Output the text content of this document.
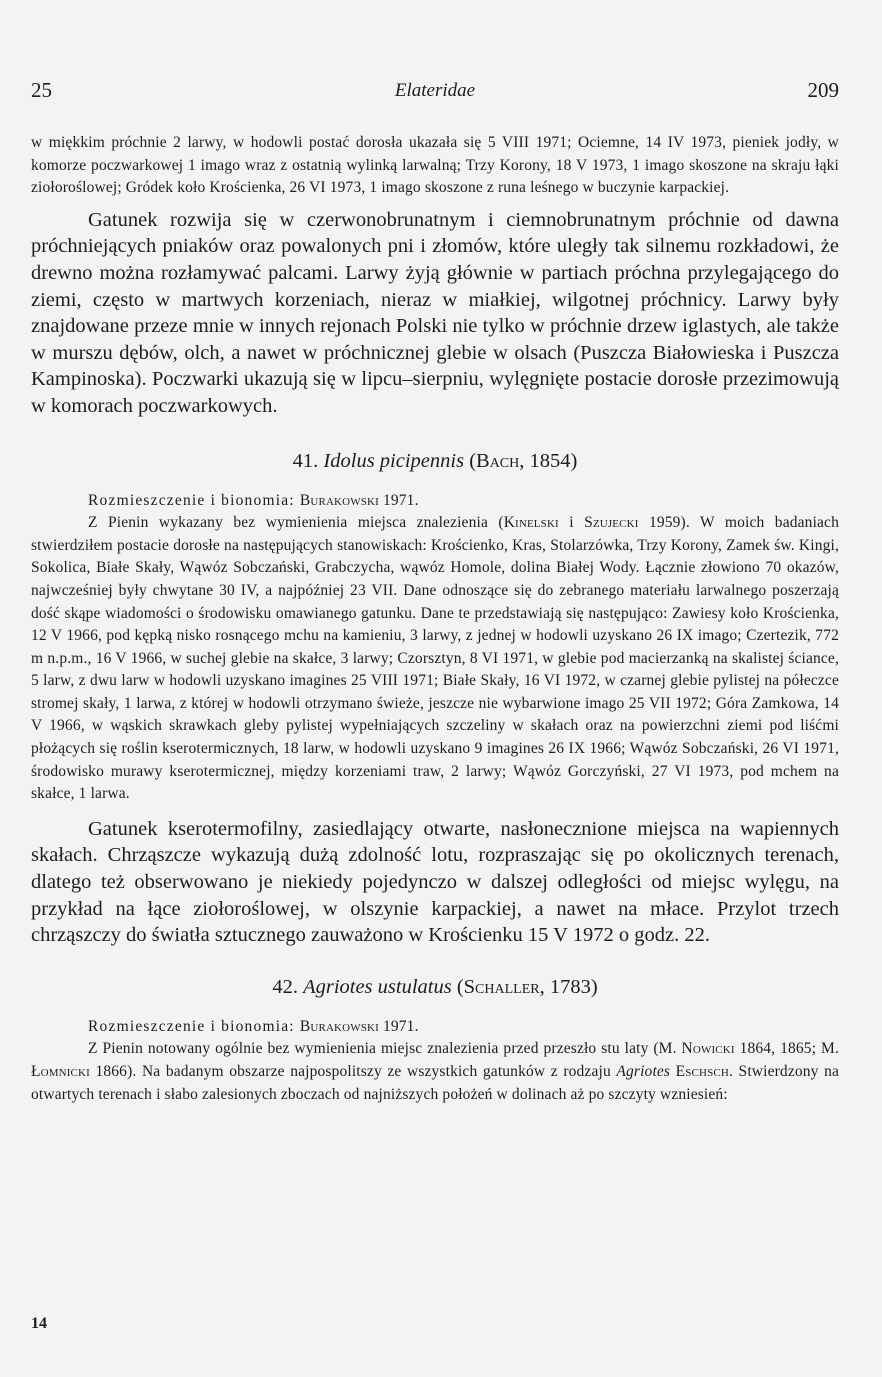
25	Elateridae	209

w miękkim próchnie 2 larwy, w hodowli postać dorosła ukazała się 5 VIII 1971; Ociemne, 14 IV 1973, pieniek jodły, w komorze poczwarkowej 1 imago wraz z ostatnią wylinką larwalną; Trzy Korony, 18 V 1973, 1 imago skoszone na skraju łąki ziołoroślowej; Gródek koło Krościenka, 26 VI 1973, 1 imago skoszone z runa leśnego w buczynie karpackiej.

Gatunek rozwija się w czerwonobrunatnym i ciemnobrunatnym próchnie od dawna próchniejących pniaków oraz powalonych pni i złomów, które uległy tak silnemu rozkładowi, że drewno można rozłamywać palcami. Larwy żyją głównie w partiach próchna przylegającego do ziemi, często w martwych korzeniach, nieraz w miałkiej, wilgotnej próchnicy. Larwy były znajdowane przeze mnie w innych rejonach Polski nie tylko w próchnie drzew iglastych, ale także w murszu dębów, olch, a nawet w próchnicznej glebie w olsach (Puszcza Białowieska i Puszcza Kampinoska). Poczwarki ukazują się w lipcu–sierpniu, wylęgnięte postacie dorosłe przezimowują w komorach poczwarkowych.

41. Idolus picipennis (Bach, 1854)

Rozmieszczenie i bionomia: Burakowski 1971.

Z Pienin wykazany bez wymienienia miejsca znalezienia (Kinelski i Szujecki 1959). W moich badaniach stwierdziłem postacie dorosłe na następujących stanowiskach: Krościenko, Kras, Stolarzówka, Trzy Korony, Zamek św. Kingi, Sokolica, Białe Skały, Wąwóz Sobczański, Grabczycha, wąwóz Homole, dolina Białej Wody. Łącznie złowiono 70 okazów, najwcześniej były chwytane 30 IV, a najpóźniej 23 VII. Dane odnoszące się do zebranego materiału larwalnego poszerzają dość skąpe wiadomości o środowisku omawianego gatunku. Dane te przedstawiają się następująco: Zawiesy koło Krościenka, 12 V 1966, pod kępką nisko rosnącego mchu na kamieniu, 3 larwy, z jednej w hodowli uzyskano 26 IX imago; Czertezik, 772 m n.p.m., 16 V 1966, w suchej glebie na skałce, 3 larwy; Czorsztyn, 8 VI 1971, w glebie pod macierzanką na skalistej ściance, 5 larw, z dwu larw w hodowli uzyskano imagines 25 VIII 1971; Białe Skały, 16 VI 1972, w czarnej glebie pylistej na półeczce stromej skały, 1 larwa, z której w hodowli otrzymano świeże, jeszcze nie wybarwione imago 25 VII 1972; Góra Zamkowa, 14 V 1966, w wąskich skrawkach gleby pylistej wypełniających szczeliny w skałach oraz na powierzchni ziemi pod liśćmi płożących się roślin kserotermicznych, 18 larw, w hodowli uzyskano 9 imagines 26 IX 1966; Wąwóz Sobczański, 26 VI 1971, środowisko murawy kserotermicznej, między korzeniami traw, 2 larwy; Wąwóz Gorczyński, 27 VI 1973, pod mchem na skałce, 1 larwa.

Gatunek kserotermofilny, zasiedlający otwarte, nasłonecznione miejsca na wapiennych skałach. Chrząszcze wykazują dużą zdolność lotu, rozpraszając się po okolicznych terenach, dlatego też obserwowano je niekiedy pojedynczo w dalszej odległości od miejsc wylęgu, na przykład na łące ziołoroślowej, w olszynie karpackiej, a nawet na młace. Przylot trzech chrząszczy do światła sztucznego zauważono w Krościenku 15 V 1972 o godz. 22.

42. Agriotes ustulatus (Schaller, 1783)

Rozmieszczenie i bionomia: Burakowski 1971.

Z Pienin notowany ogólnie bez wymienienia miejsc znalezienia przed przeszło stu laty (M. Nowicki 1864, 1865; M. Łomnicki 1866). Na badanym obszarze najpospolitszy ze wszystkich gatunków z rodzaju Agriotes Eschsch. Stwierdzony na otwartych terenach i słabo zalesionych zboczach od najniższych położeń w dolinach aż po szczyty wzniesień:

14
